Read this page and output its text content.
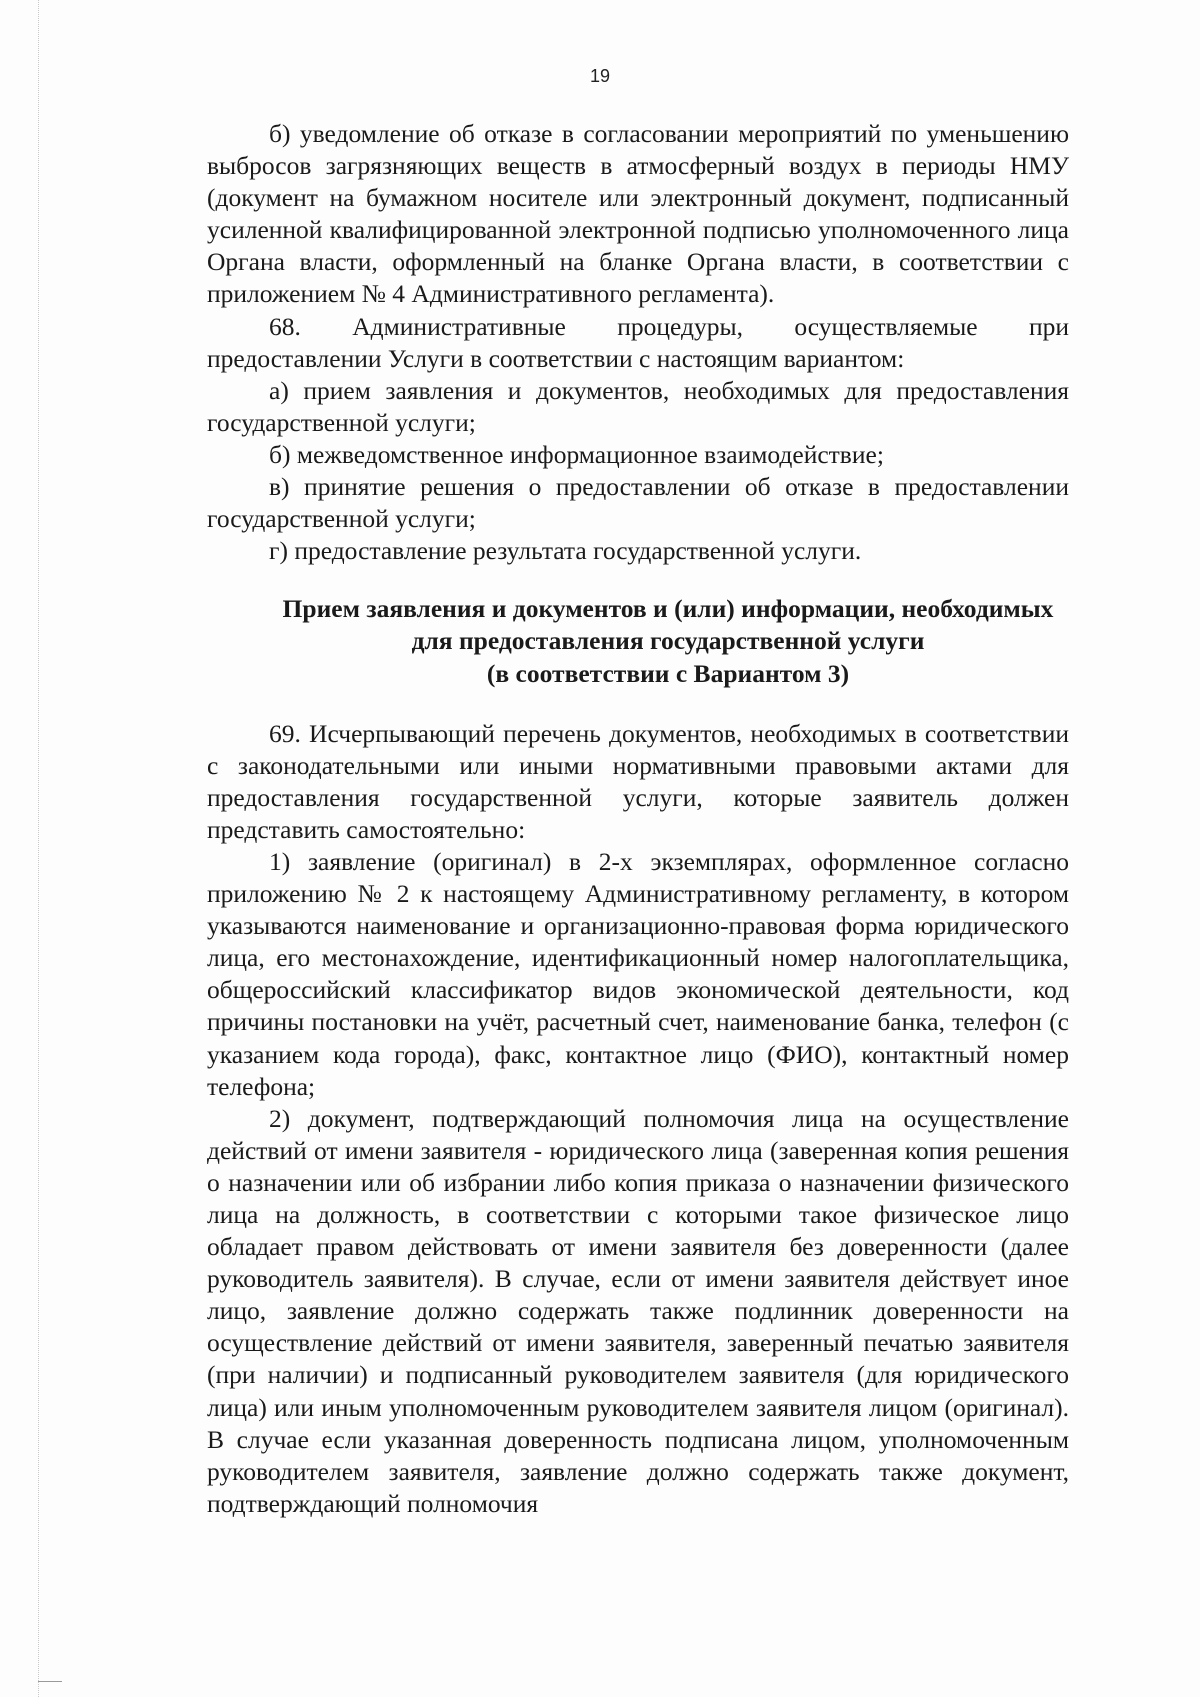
19

б) уведомление об отказе в согласовании мероприятий по уменьшению выбросов загрязняющих веществ в атмосферный воздух в периоды НМУ (документ на бумажном носителе или электронный документ, подписанный усиленной квалифицированной электронной подписью уполномоченного лица Органа власти, оформленный на бланке Органа власти, в соответствии с приложением № 4 Административного регламента).

68. Административные процедуры, осуществляемые при предоставлении Услуги в соответствии с настоящим вариантом:

а) прием заявления и документов, необходимых для предоставления государственной услуги;

б) межведомственное информационное взаимодействие;

в) принятие решения о предоставлении об отказе в предоставлении государственной услуги;

г) предоставление результата государственной услуги.

Прием заявления и документов и (или) информации, необходимых
для предоставления государственной услуги
(в соответствии с Вариантом 3)

69. Исчерпывающий перечень документов, необходимых в соответствии с законодательными или иными нормативными правовыми актами для предоставления государственной услуги, которые заявитель должен представить самостоятельно:

1) заявление (оригинал) в 2-х экземплярах, оформленное согласно приложению № 2 к настоящему Административному регламенту, в котором указываются наименование и организационно-правовая форма юридического лица, его местонахождение, идентификационный номер налогоплательщика, общероссийский классификатор видов экономической деятельности, код причины постановки на учёт, расчетный счет, наименование банка, телефон (с указанием кода города), факс, контактное лицо (ФИО), контактный номер телефона;

2) документ, подтверждающий полномочия лица на осуществление действий от имени заявителя - юридического лица (заверенная копия решения о назначении или об избрании либо копия приказа о назначении физического лица на должность, в соответствии с которыми такое физическое лицо обладает правом действовать от имени заявителя без доверенности (далее руководитель заявителя). В случае, если от имени заявителя действует иное лицо, заявление должно содержать также подлинник доверенности на осуществление действий от имени заявителя, заверенный печатью заявителя (при наличии) и подписанный руководителем заявителя (для юридического лица) или иным уполномоченным руководителем заявителя лицом (оригинал). В случае если указанная доверенность подписана лицом, уполномоченным руководителем заявителя, заявление должно содержать также документ, подтверждающий полномочия
